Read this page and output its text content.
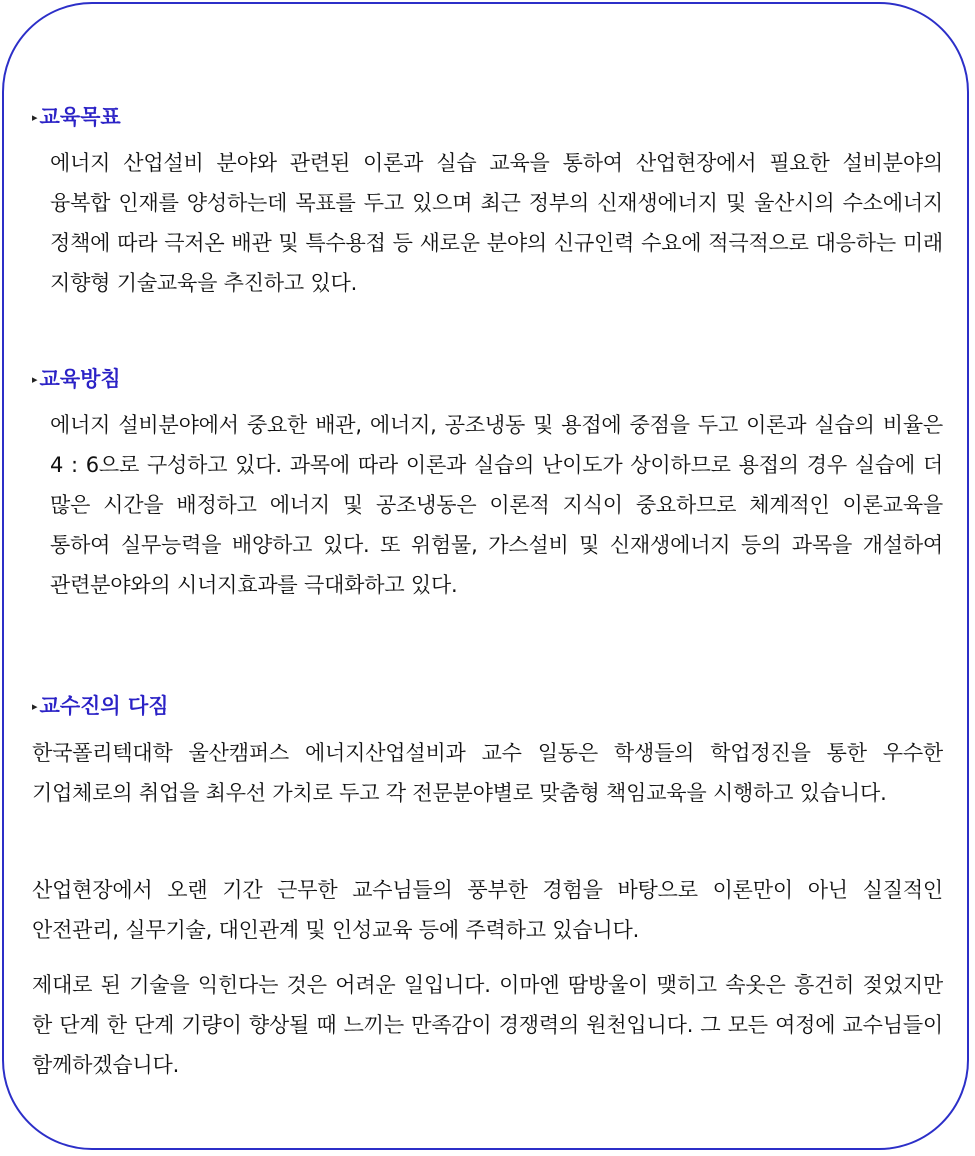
▸교육목표
에너지 산업설비 분야와 관련된 이론과 실습 교육을 통하여 산업현장에서 필요한 설비분야의 융복합 인재를 양성하는데 목표를 두고 있으며 최근 정부의 신재생에너지 및 울산시의 수소에너지 정책에 따라 극저온 배관 및 특수용접 등 새로운 분야의 신규인력 수요에 적극적으로 대응하는 미래 지향형 기술교육을 추진하고 있다.
▸교육방침
에너지 설비분야에서 중요한 배관, 에너지, 공조냉동 및 용접에 중점을 두고 이론과 실습의 비율은 4 : 6으로 구성하고 있다. 과목에 따라 이론과 실습의 난이도가 상이하므로 용접의 경우 실습에 더 많은 시간을 배정하고 에너지 및 공조냉동은 이론적 지식이 중요하므로 체계적인 이론교육을 통하여 실무능력을 배양하고 있다. 또 위험물, 가스설비 및 신재생에너지 등의 과목을 개설하여 관련분야와의 시너지효과를 극대화하고 있다.
▸교수진의 다짐
한국폴리텍대학 울산캠퍼스 에너지산업설비과 교수 일동은 학생들의 학업정진을 통한 우수한 기업체로의 취업을 최우선 가치로 두고 각 전문분야별로 맞춤형 책임교육을 시행하고 있습니다.
산업현장에서 오랜 기간 근무한 교수님들의 풍부한 경험을 바탕으로 이론만이 아닌 실질적인 안전관리, 실무기술, 대인관계 및 인성교육 등에 주력하고 있습니다.
제대로 된 기술을 익힌다는 것은 어려운 일입니다. 이마엔 땀방울이 맺히고 속옷은 흥건히 젖었지만 한 단계 한 단계 기량이 향상될 때 느끼는 만족감이 경쟁력의 원천입니다. 그 모든 여정에 교수님들이 함께하겠습니다.
